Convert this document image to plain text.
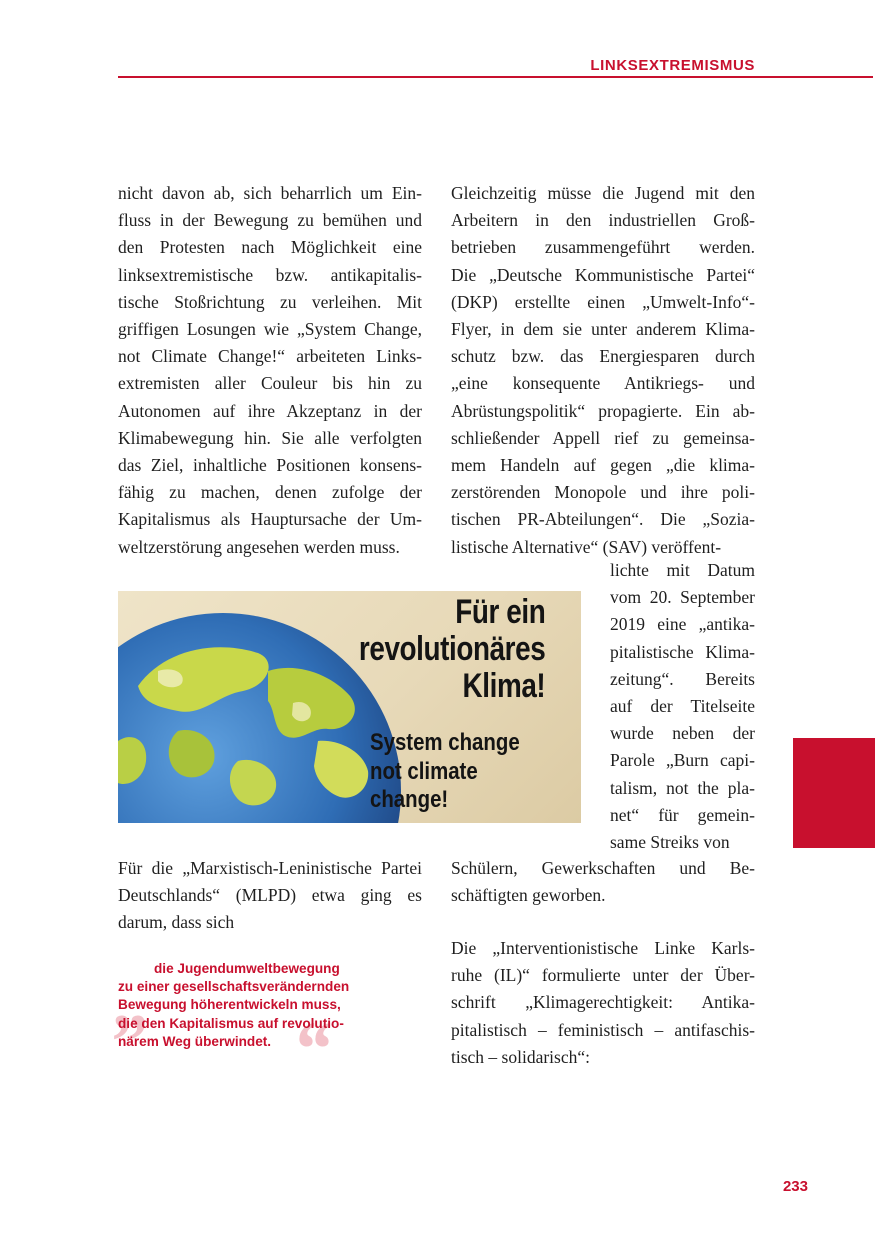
LINKSEXTREMISMUS

nicht davon ab, sich beharrlich um Ein-
fluss in der Bewegung zu bemühen und
den Protesten nach Möglichkeit eine
linksextremistische bzw. antikapitalis-
tische Stoßrichtung zu verleihen. Mit
griffigen Losungen wie „System Change,
not Climate Change!“ arbeiteten Links-
extremisten aller Couleur bis hin zu
Autonomen auf ihre Akzeptanz in der
Klimabewegung hin. Sie alle verfolgten
das Ziel, inhaltliche Positionen konsens-
fähig zu machen, denen zufolge der
Kapitalismus als Hauptursache der Um-
weltzerstörung angesehen werden muss.

Gleichzeitig müsse die Jugend mit den
Arbeitern in den industriellen Groß-
betrieben zusammengeführt werden.
Die „Deutsche Kommunistische Partei“
(DKP) erstellte einen „Umwelt-Info“-
Flyer, in dem sie unter anderem Klima-
schutz bzw. das Energiesparen durch
„eine konsequente Antikriegs- und
Abrüstungspolitik“ propagierte. Ein ab-
schließender Appell rief zu gemeinsa-
mem Handeln auf gegen „die klima-
zerstörenden Monopole und ihre poli-
tischen PR-Abteilungen“. Die „Sozia-
listische Alternative“ (SAV) veröffent-

lichte mit Datum
vom 20. September
2019 eine „antika-
pitalistische Klima-
zeitung“. Bereits
auf der Titelseite
wurde neben der
Parole „Burn capi-
talism, not the pla-
net“ für gemein-
same Streiks von

Schülern, Gewerkschaften und Be-
schäftigten geworben.

Die „Interventionistische Linke Karls-
ruhe (IL)“ formulierte unter der Über-
schrift „Klimagerechtigkeit: Antika-
pitalistisch – feministisch – antifaschis-
tisch – solidarisch“:

Für die „Marxistisch-Leninistische Partei
Deutschlands“ (MLPD) etwa ging es
darum, dass sich

Für ein
revolutionäres
Klima!

System change
not climate
change!

„
“

die Jugendumweltbewegung
zu einer gesellschaftsverändernden
Bewegung höherentwickeln muss,
die den Kapitalismus auf revolutio-
närem Weg überwindet.

233
